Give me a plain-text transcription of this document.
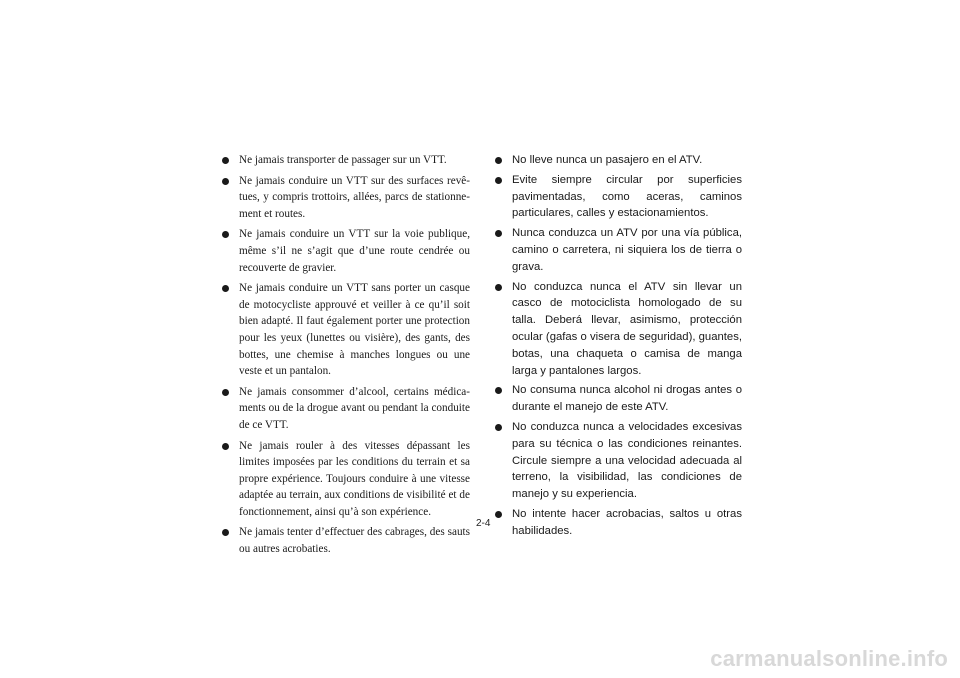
Ne jamais transporter de passager sur un VTT.
Ne jamais conduire un VTT sur des surfaces revêtues, y compris trottoirs, allées, parcs de stationnement et routes.
Ne jamais conduire un VTT sur la voie publique, même s’il ne s’agit que d’une route cendrée ou recouverte de gravier.
Ne jamais conduire un VTT sans porter un casque de motocycliste approuvé et veiller à ce qu’il soit bien adapté. Il faut également porter une protection pour les yeux (lunettes ou visière), des gants, des bottes, une chemise à manches longues ou une veste et un pantalon.
Ne jamais consommer d’alcool, certains médicaments ou de la drogue avant ou pendant la conduite de ce VTT.
Ne jamais rouler à des vitesses dépassant les limites imposées par les conditions du terrain et sa propre expérience. Toujours conduire à une vitesse adaptée au terrain, aux conditions de visibilité et de fonctionnement, ainsi qu’à son expérience.
Ne jamais tenter d’effectuer des cabrages, des sauts ou autres acrobaties.
No lleve nunca un pasajero en el ATV.
Evite siempre circular por superficies pavimentadas, como aceras, caminos particulares, calles y estacionamientos.
Nunca conduzca un ATV por una vía pública, camino o carretera, ni siquiera los de tierra o grava.
No conduzca nunca el ATV sin llevar un casco de motociclista homologado de su talla. Deberá llevar, asimismo, protección ocular (gafas o visera de seguridad), guantes, botas, una chaqueta o camisa de manga larga y pantalones largos.
No consuma nunca alcohol ni drogas antes o durante el manejo de este ATV.
No conduzca nunca a velocidades excesivas para su técnica o las condiciones reinantes. Circule siempre a una velocidad adecuada al terreno, la visibilidad, las condiciones de manejo y su experiencia.
No intente hacer acrobacias, saltos u otras habilidades.
2-4
carmanualsonline.info
